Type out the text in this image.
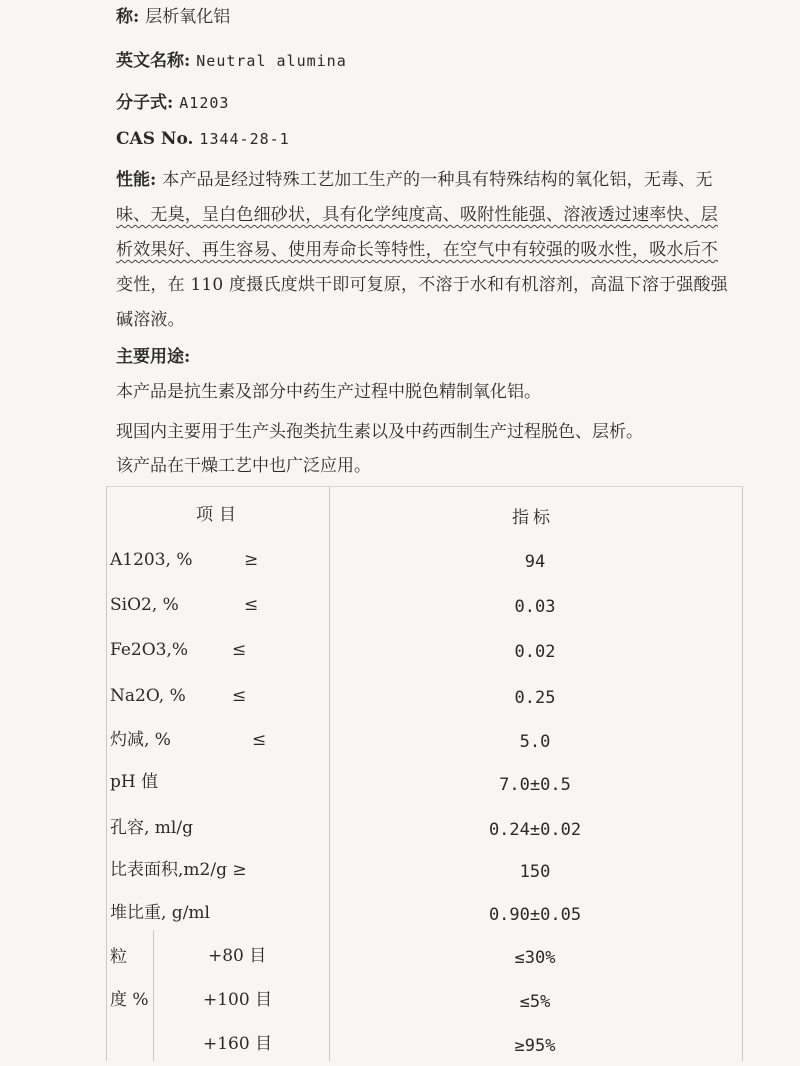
称: 层析氧化铝
英文名称: Neutral alumina
分子式: A1203
CAS No. 1344-28-1
性能: 本产品是经过特殊工艺加工生产的一种具有特殊结构的氧化铝，无毒、无
味、无臭，呈白色细砂状，具有化学纯度高、吸附性能强、溶液透过速率快、层
析效果好、再生容易、使用寿命长等特性，在空气中有较强的吸水性，吸水后不
变性，在 110 度摄氏度烘干即可复原，不溶于水和有机溶剂，高温下溶于强酸强
碱溶液。
主要用途:
本产品是抗生素及部分中药生产过程中脱色精制氧化铝。
现国内主要用于生产头孢类抗生素以及中药西制生产过程脱色、层析。
该产品在干燥工艺中也广泛应用。
项目	指标
A1203, %	≥	94
SiO2, %	≤	0.03
Fe2O3,%	≤	0.02
Na2O, %	≤	0.25
灼减, %	≤	5.0
pH 值	7.0±0.5
孔容, ml/g	0.24±0.02
比表面积,m2/g ≥	150
堆比重, g/ml	0.90±0.05
粒
度 %
+80 目	≤30%
+100 目	≤5%
+160 目	≥95%
